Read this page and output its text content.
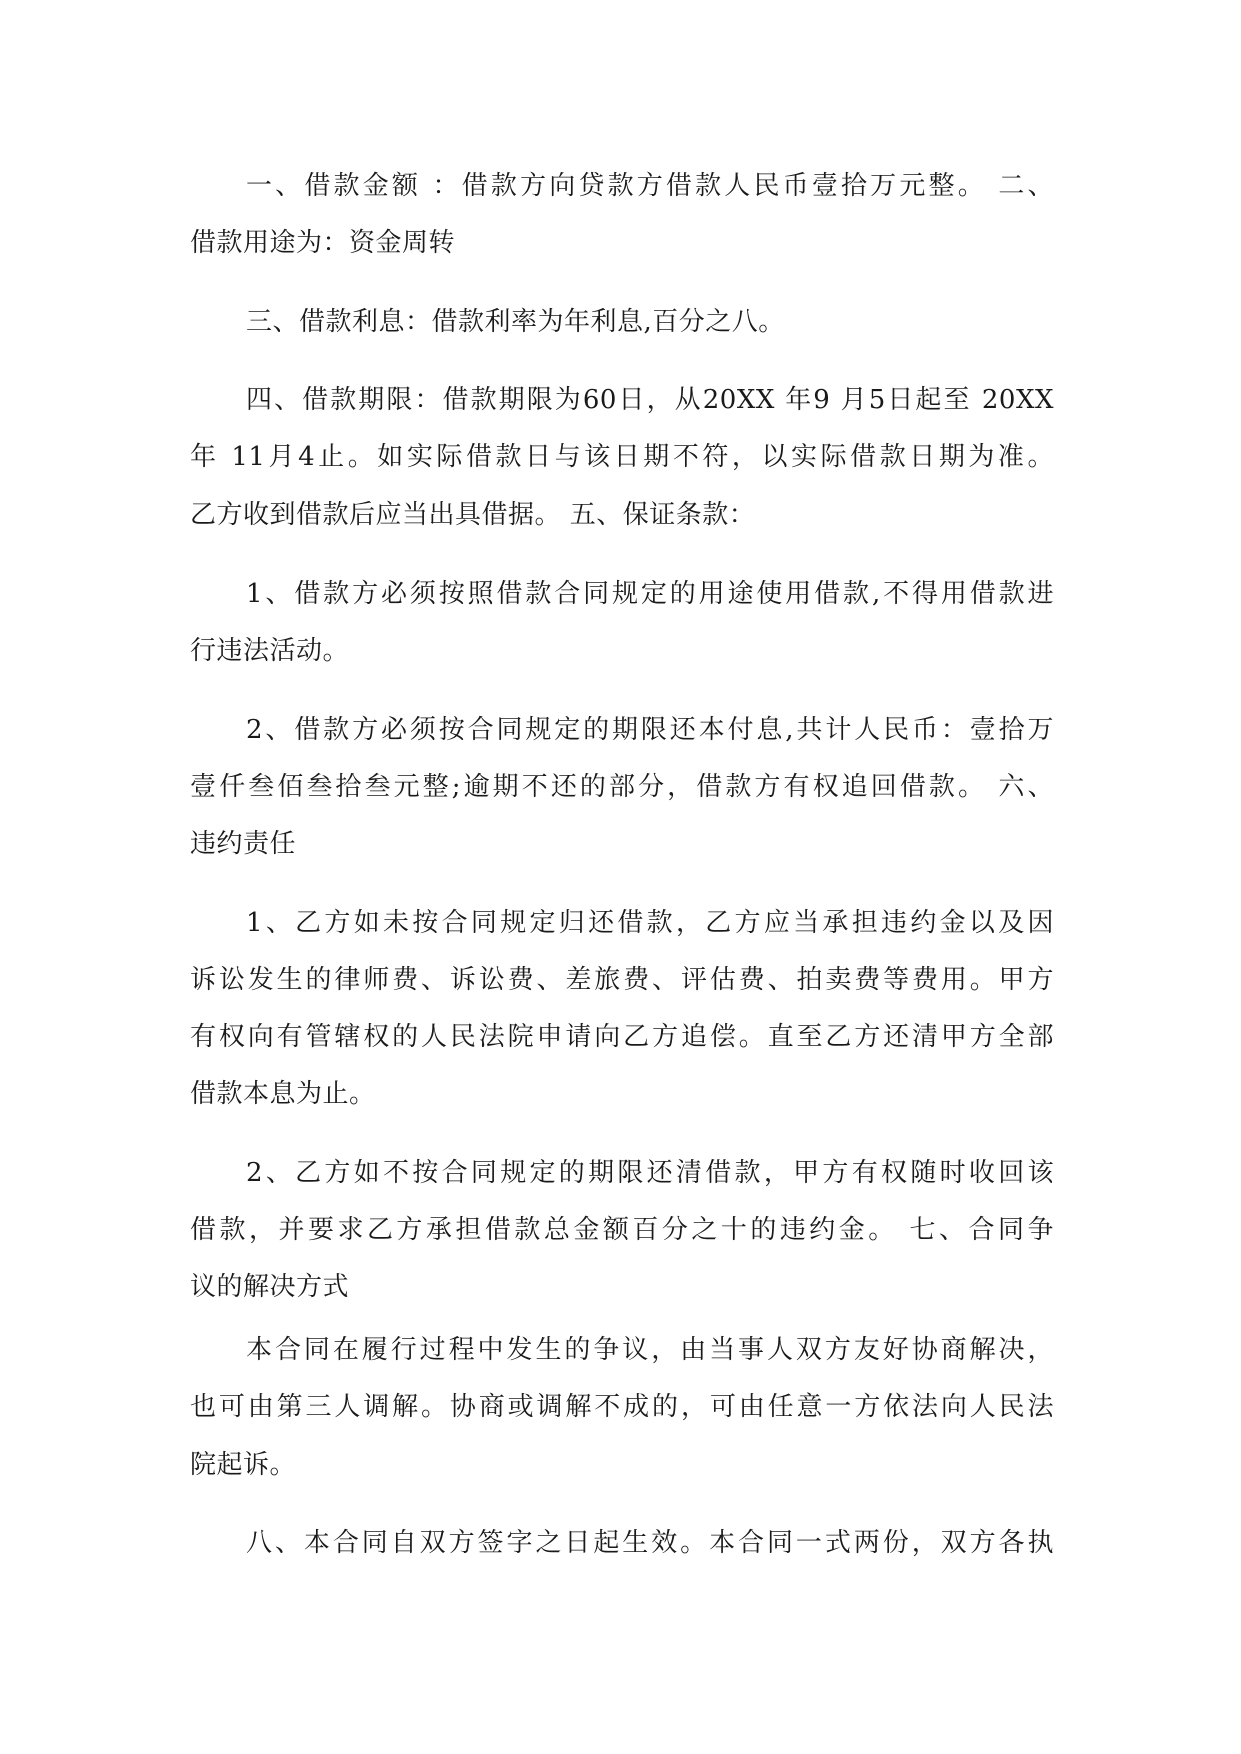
一、借款金额 ：借款方向贷款方借款人民币壹拾万元整。 二、
借款用途为：资金周转
三、借款利息：借款利率为年利息,百分之八。
四、借款期限：借款期限为60日，从20XX 年9 月5日起至 20XX
年 11月4止。如实际借款日与该日期不符，以实际借款日期为准。
乙方收到借款后应当出具借据。 五、保证条款：
1、借款方必须按照借款合同规定的用途使用借款,不得用借款进
行违法活动。
2、借款方必须按合同规定的期限还本付息,共计人民币：壹拾万
壹仟叁佰叁拾叁元整;逾期不还的部分，借款方有权追回借款。 六、
违约责任
1、乙方如未按合同规定归还借款，乙方应当承担违约金以及因
诉讼发生的律师费、诉讼费、差旅费、评估费、拍卖费等费用。甲方
有权向有管辖权的人民法院申请向乙方追偿。直至乙方还清甲方全部
借款本息为止。
2、乙方如不按合同规定的期限还清借款，甲方有权随时收回该
借款，并要求乙方承担借款总金额百分之十的违约金。 七、合同争
议的解决方式
本合同在履行过程中发生的争议，由当事人双方友好协商解决，
也可由第三人调解。协商或调解不成的，可由任意一方依法向人民法
院起诉。
八、本合同自双方签字之日起生效。本合同一式两份，双方各执
